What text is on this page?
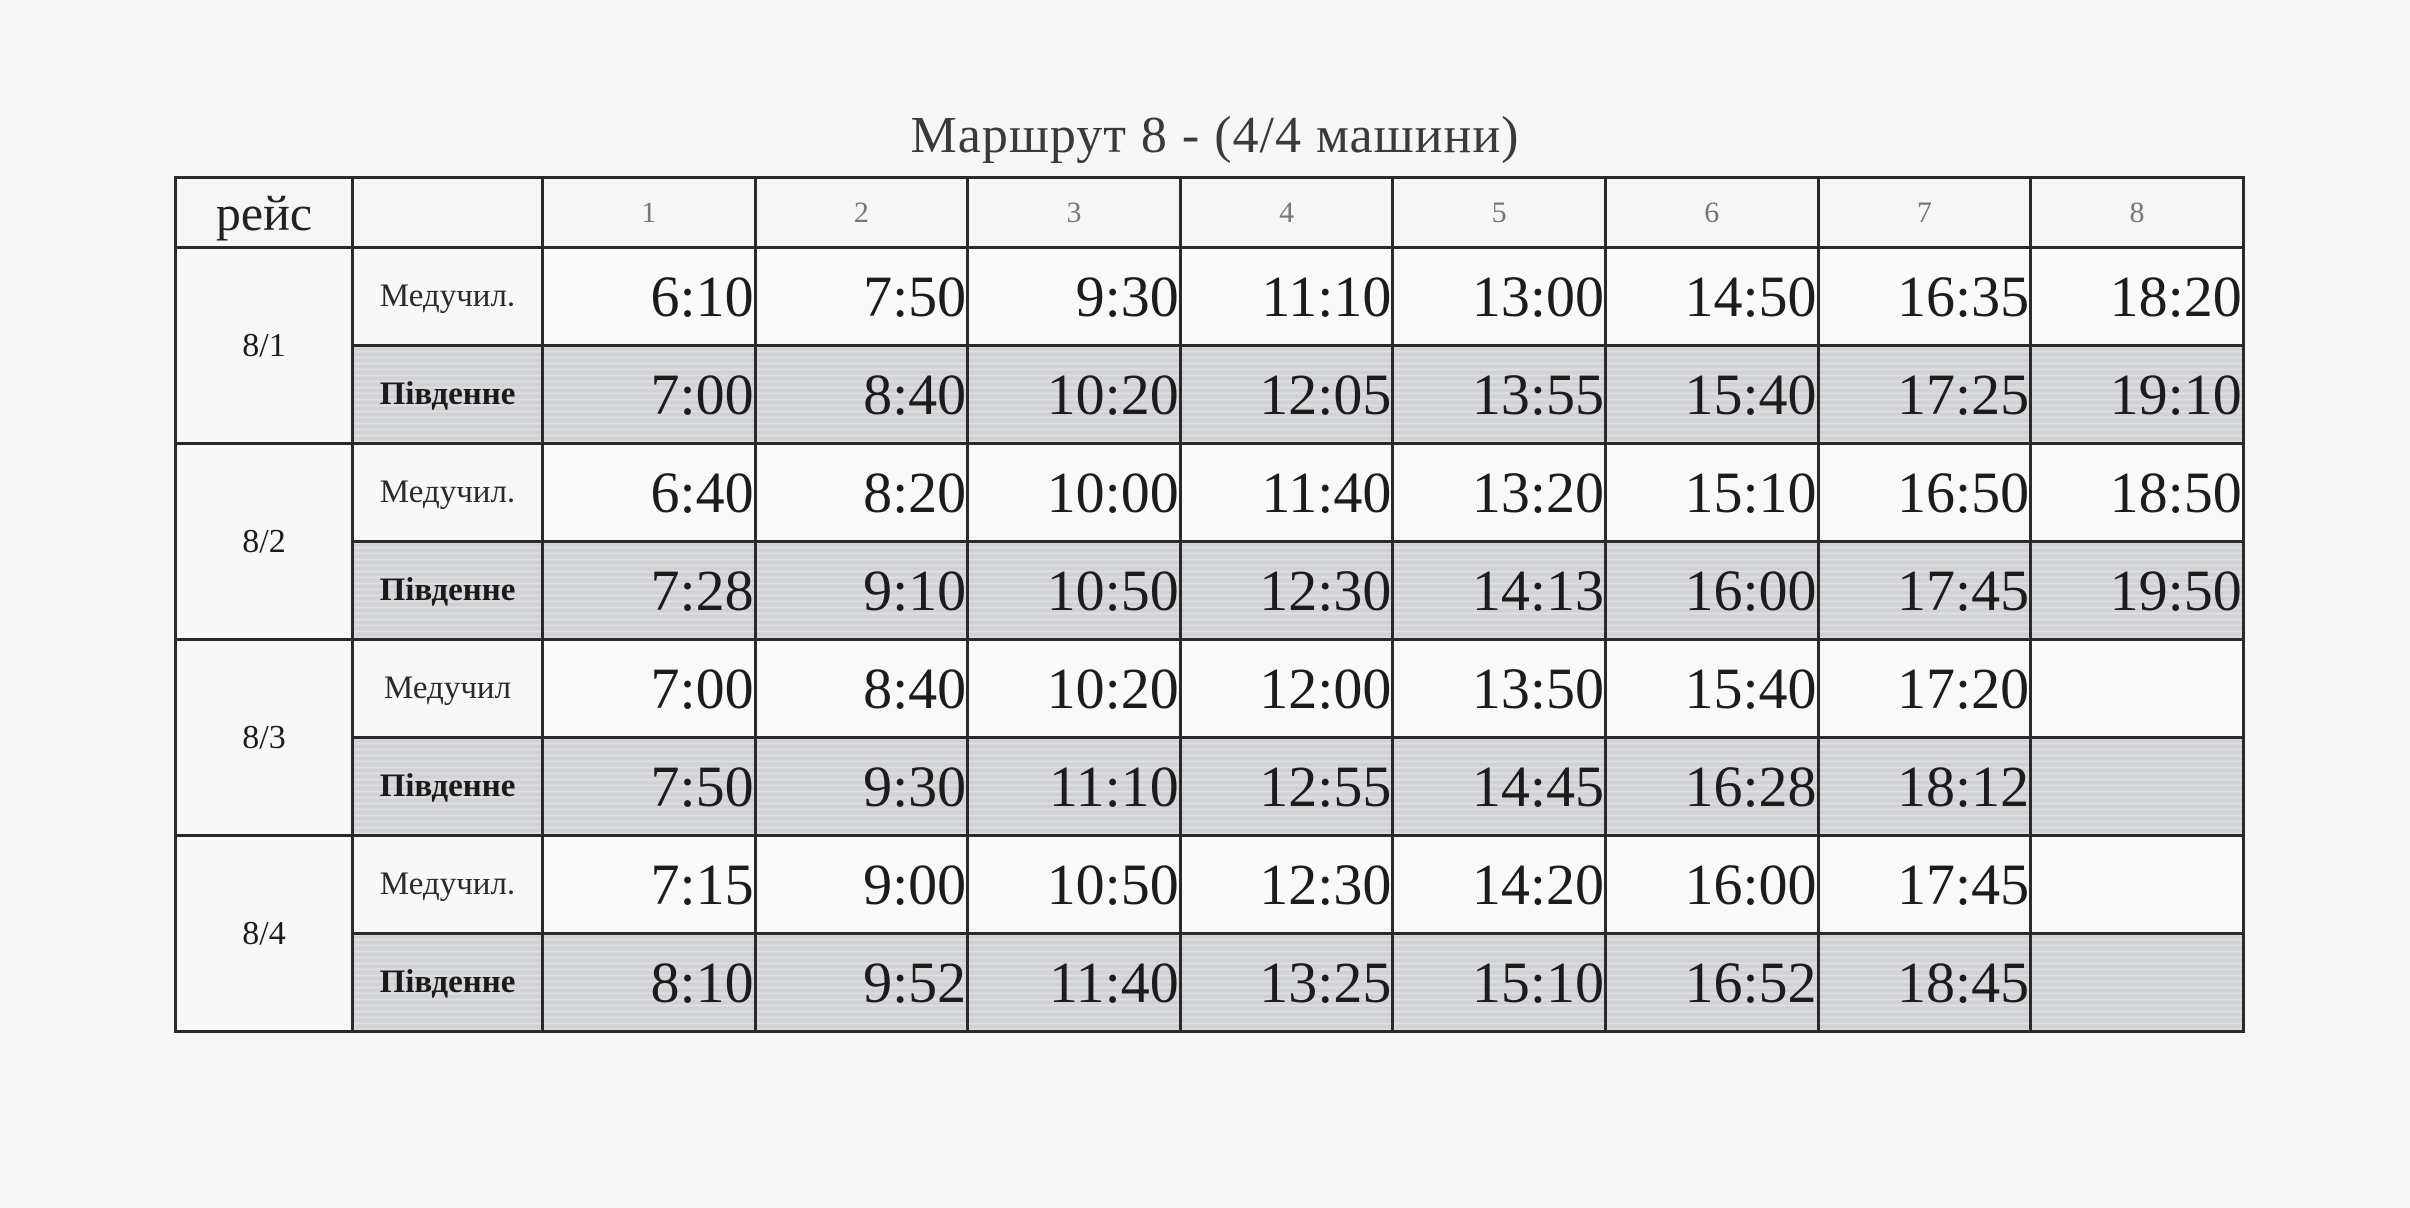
Маршрут 8 - (4/4 машини)
рейс		1	2	3	4	5	6	7	8
8/1	Медучил.	6:10	7:50	9:30	11:10	13:00	14:50	16:35	18:20
	Південне	7:00	8:40	10:20	12:05	13:55	15:40	17:25	19:10
8/2	Медучил.	6:40	8:20	10:00	11:40	13:20	15:10	16:50	18:50
	Південне	7:28	9:10	10:50	12:30	14:13	16:00	17:45	19:50
8/3	Медучил	7:00	8:40	10:20	12:00	13:50	15:40	17:20	
	Південне	7:50	9:30	11:10	12:55	14:45	16:28	18:12	
8/4	Медучил.	7:15	9:00	10:50	12:30	14:20	16:00	17:45	
	Південне	8:10	9:52	11:40	13:25	15:10	16:52	18:45	
